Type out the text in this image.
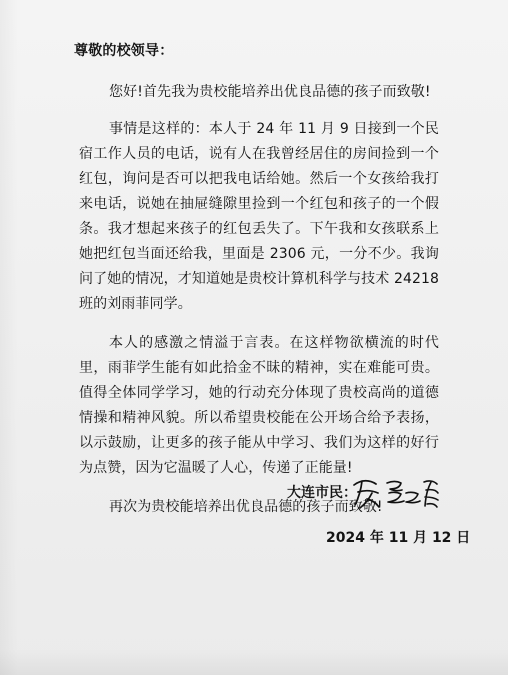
尊敬的校领导：

您好!首先我为贵校能培养出优良品德的孩子而致敬!

事情是这样的：本人于 24 年 11 月 9 日接到一个民宿工作人员的电话，说有人在我曾经居住的房间捡到一个红包，询问是否可以把我电话给她。然后一个女孩给我打来电话，说她在抽屉缝隙里捡到一个红包和孩子的一个假条。我才想起来孩子的红包丢失了。下午我和女孩联系上她把红包当面还给我，里面是 2306 元，一分不少。我询问了她的情况，才知道她是贵校计算机科学与技术 24218 班的刘雨菲同学。

本人的感激之情溢于言表。在这样物欲横流的时代里，雨菲学生能有如此拾金不昧的精神，实在难能可贵。值得全体同学学习，她的行动充分体现了贵校高尚的道德情操和精神风貌。所以希望贵校能在公开场合给予表扬，以示鼓励，让更多的孩子能从中学习、我们为这样的好行为点赞，因为它温暖了人心，传递了正能量!

再次为贵校能培养出优良品德的孩子而致敬!

大连市民：
2024 年 11 月 12 日
